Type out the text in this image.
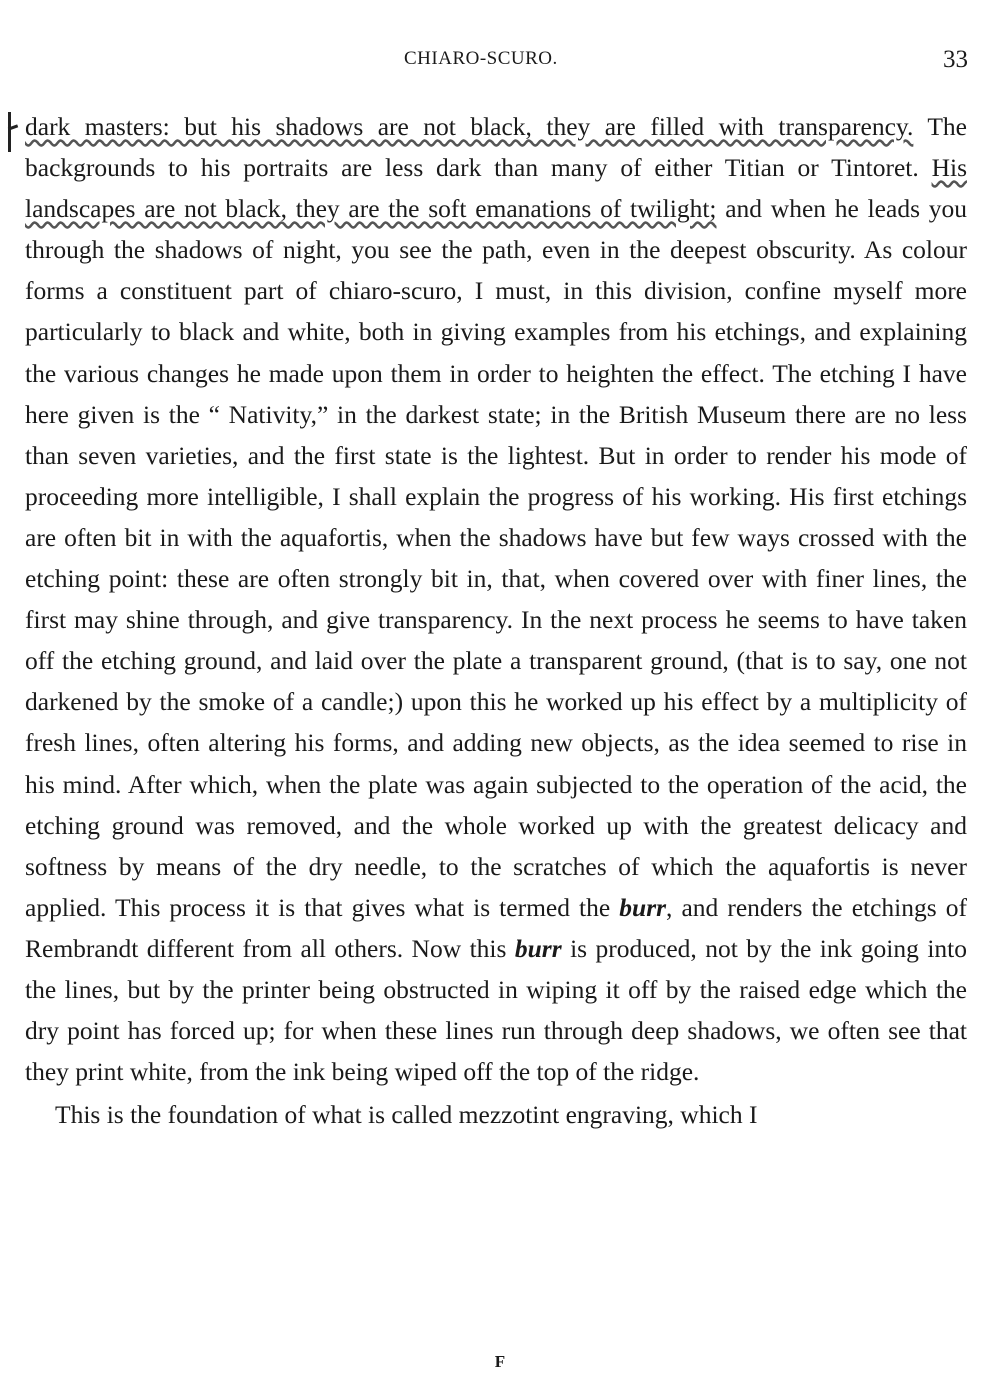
CHIARO-SCURO.	33

dark masters: but his shadows are not black, they are filled with transparency. The backgrounds to his portraits are less dark than many of either Titian or Tintoret. His landscapes are not black, they are the soft emanations of twilight; and when he leads you through the shadows of night, you see the path, even in the deepest obscurity. As colour forms a constituent part of chiaro-scuro, I must, in this division, confine myself more particularly to black and white, both in giving examples from his etchings, and explaining the various changes he made upon them in order to heighten the effect. The etching I have here given is the “ Nativity,” in the darkest state; in the British Museum there are no less than seven varieties, and the first state is the lightest. But in order to render his mode of proceeding more intelligible, I shall explain the progress of his working. His first etchings are often bit in with the aquafortis, when the shadows have but few ways crossed with the etching point: these are often strongly bit in, that, when covered over with finer lines, the first may shine through, and give transparency. In the next process he seems to have taken off the etching ground, and laid over the plate a transparent ground, (that is to say, one not darkened by the smoke of a candle;) upon this he worked up his effect by a multiplicity of fresh lines, often altering his forms, and adding new objects, as the idea seemed to rise in his mind. After which, when the plate was again subjected to the operation of the acid, the etching ground was removed, and the whole worked up with the greatest delicacy and softness by means of the dry needle, to the scratches of which the aquafortis is never applied. This process it is that gives what is termed the burr, and renders the etchings of Rembrandt different from all others. Now this burr is produced, not by the ink going into the lines, but by the printer being obstructed in wiping it off by the raised edge which the dry point has forced up; for when these lines run through deep shadows, we often see that they print white, from the ink being wiped off the top of the ridge.

This is the foundation of what is called mezzotint engraving, which I

F
